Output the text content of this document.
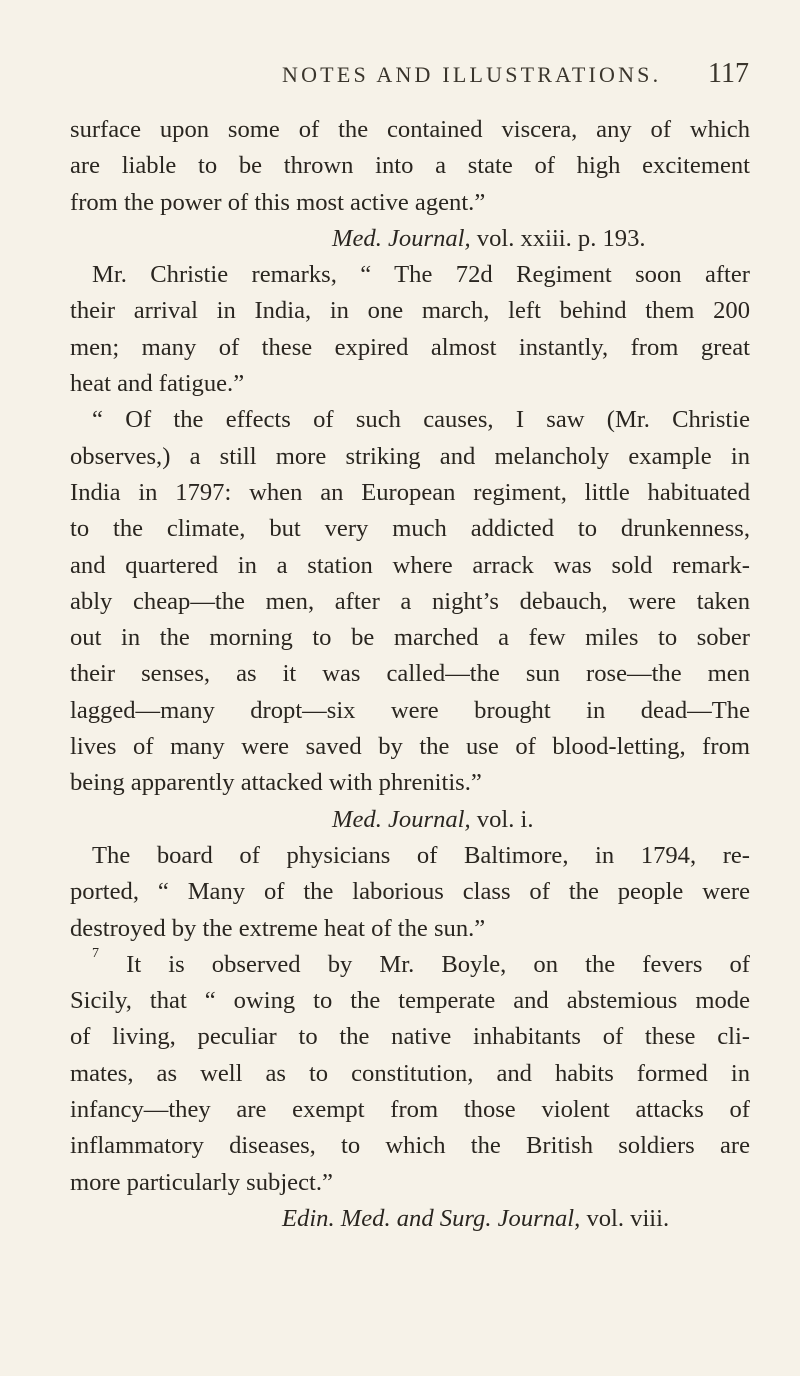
NOTES AND ILLUSTRATIONS. 117
surface upon some of the contained viscera, any of which
are liable to be thrown into a state of high excitement
from the power of this most active agent.”
Med. Journal, vol. xxiii. p. 193.
Mr. Christie remarks, “ The 72d Regiment soon after
their arrival in India, in one march, left behind them 200
men; many of these expired almost instantly, from great
heat and fatigue.”
“ Of the effects of such causes, I saw (Mr. Christie
observes,) a still more striking and melancholy example in
India in 1797: when an European regiment, little habituated
to the climate, but very much addicted to drunkenness,
and quartered in a station where arrack was sold remark-
ably cheap—the men, after a night’s debauch, were taken
out in the morning to be marched a few miles to sober
their senses, as it was called—the sun rose—the men
lagged—many dropt—six were brought in dead—The
lives of many were saved by the use of blood-letting, from
being apparently attacked with phrenitis.”
Med. Journal, vol. i.
The board of physicians of Baltimore, in 1794, re-
ported, “ Many of the laborious class of the people were
destroyed by the extreme heat of the sun.”
$^7$ It is observed by Mr. Boyle, on the fevers of
Sicily, that “ owing to the temperate and abstemious mode
of living, peculiar to the native inhabitants of these cli-
mates, as well as to constitution, and habits formed in
infancy—they are exempt from those violent attacks of
inflammatory diseases, to which the British soldiers are
more particularly subject.”
Edin. Med. and Surg. Journal, vol. viii.
